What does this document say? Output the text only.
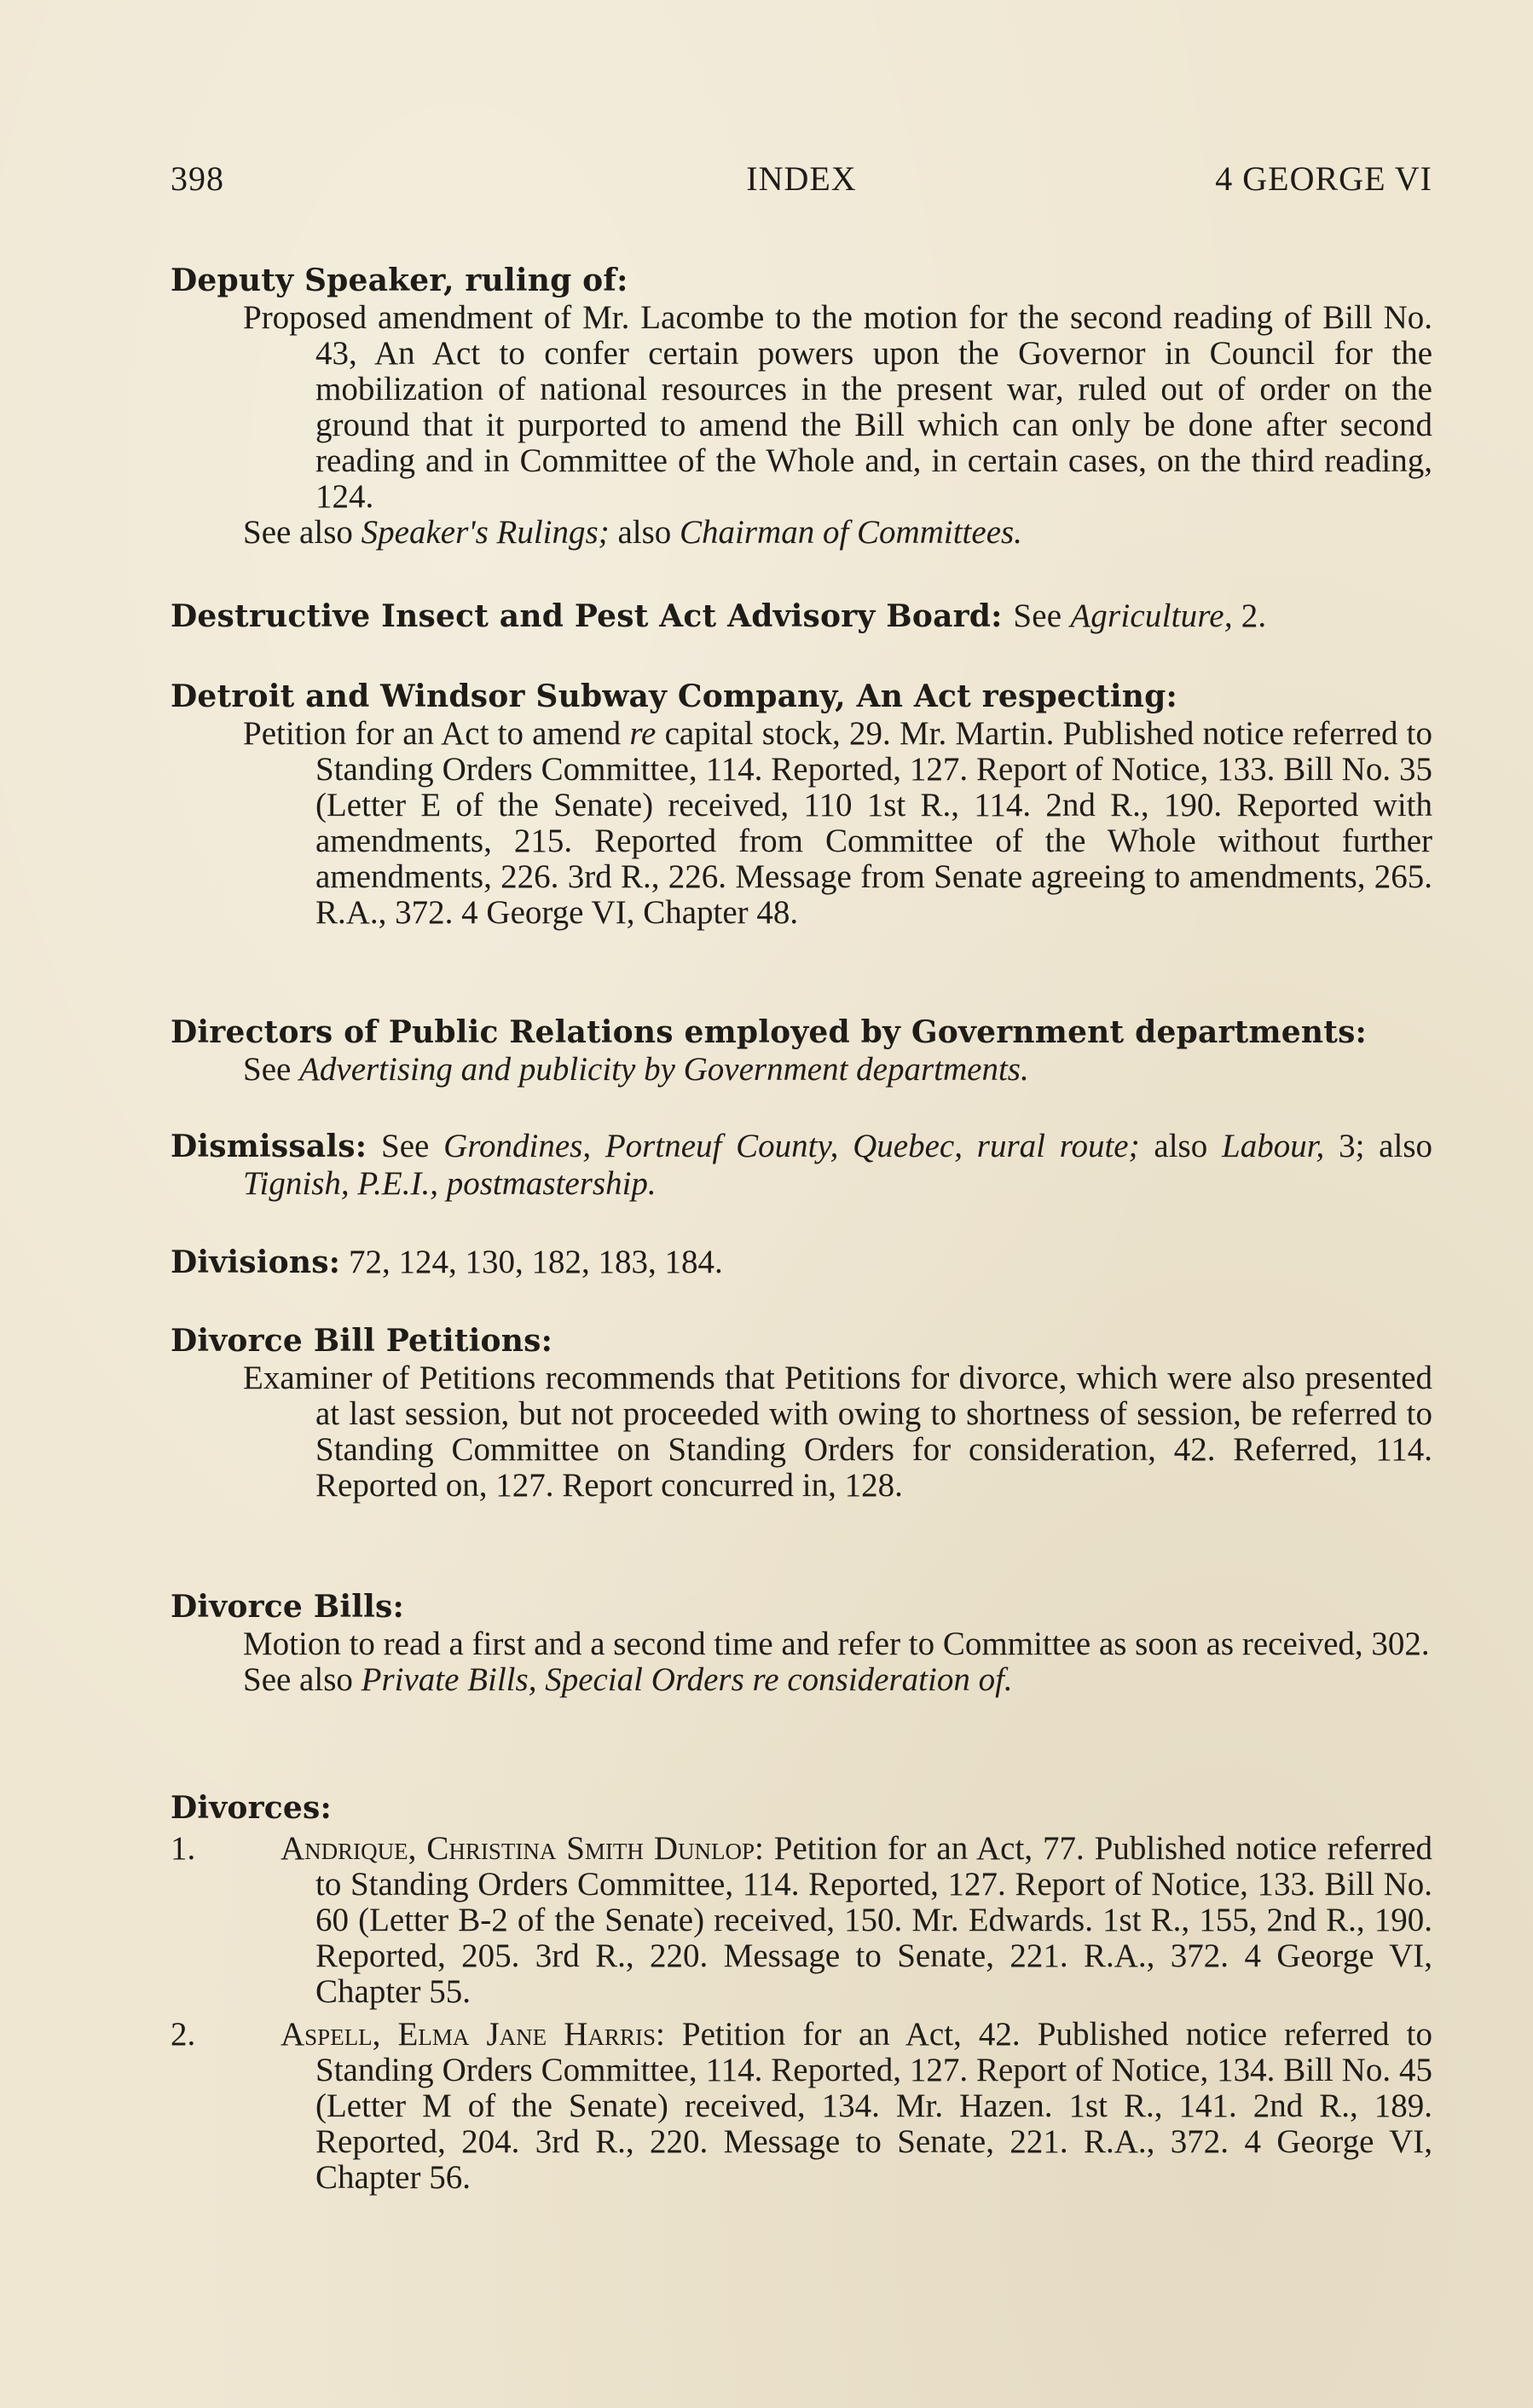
398	INDEX	4 GEORGE VI
Deputy Speaker, ruling of:
Proposed amendment of Mr. Lacombe to the motion for the second reading of Bill No. 43, An Act to confer certain powers upon the Governor in Council for the mobilization of national resources in the present war, ruled out of order on the ground that it purported to amend the Bill which can only be done after second reading and in Committee of the Whole and, in certain cases, on the third reading, 124.
See also Speaker's Rulings; also Chairman of Committees.
Destructive Insect and Pest Act Advisory Board: See Agriculture, 2.
Detroit and Windsor Subway Company, An Act respecting:
Petition for an Act to amend re capital stock, 29. Mr. Martin. Published notice referred to Standing Orders Committee, 114. Reported, 127. Report of Notice, 133. Bill No. 35 (Letter E of the Senate) received, 110 1st R., 114. 2nd R., 190. Reported with amendments, 215. Reported from Committee of the Whole without further amendments, 226. 3rd R., 226. Message from Senate agreeing to amendments, 265. R.A., 372. 4 George VI, Chapter 48.
Directors of Public Relations employed by Government departments:
See Advertising and publicity by Government departments.
Dismissals: See Grondines, Portneuf County, Quebec, rural route; also Labour, 3; also Tignish, P.E.I., postmastership.
Divisions: 72, 124, 130, 182, 183, 184.
Divorce Bill Petitions:
Examiner of Petitions recommends that Petitions for divorce, which were also presented at last session, but not proceeded with owing to shortness of session, be referred to Standing Committee on Standing Orders for consideration, 42. Referred, 114. Reported on, 127. Report concurred in, 128.
Divorce Bills:
Motion to read a first and a second time and refer to Committee as soon as received, 302.
See also Private Bills, Special Orders re consideration of.
Divorces:
1.	Andrique, Christina Smith Dunlop: Petition for an Act, 77. Published notice referred to Standing Orders Committee, 114. Reported, 127. Report of Notice, 133. Bill No. 60 (Letter B-2 of the Senate) received, 150. Mr. Edwards. 1st R., 155, 2nd R., 190. Reported, 205. 3rd R., 220. Message to Senate, 221. R.A., 372. 4 George VI, Chapter 55.
2.	Aspell, Elma Jane Harris: Petition for an Act, 42. Published notice referred to Standing Orders Committee, 114. Reported, 127. Report of Notice, 134. Bill No. 45 (Letter M of the Senate) received, 134. Mr. Hazen. 1st R., 141. 2nd R., 189. Reported, 204. 3rd R., 220. Message to Senate, 221. R.A., 372. 4 George VI, Chapter 56.
